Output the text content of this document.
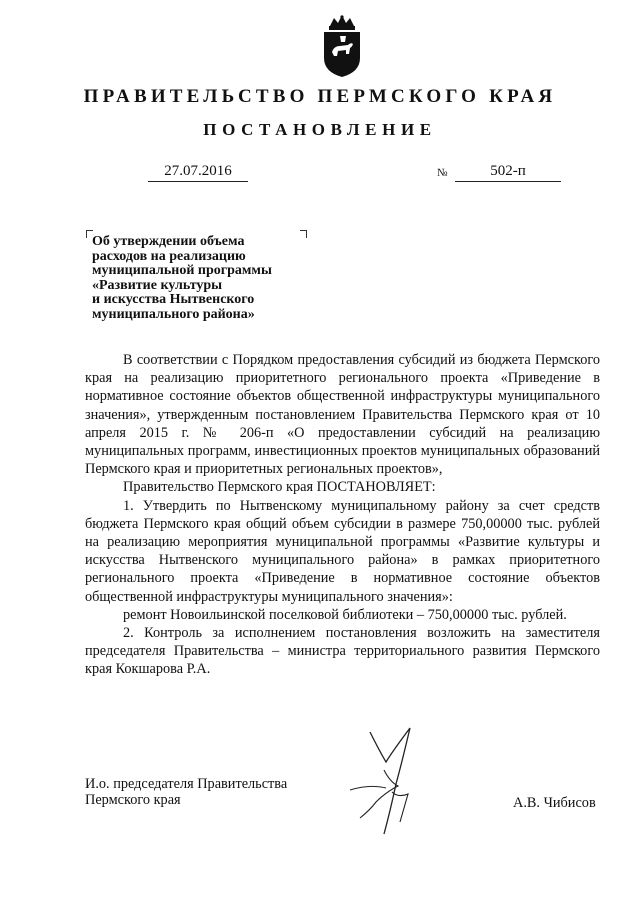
ПРАВИТЕЛЬСТВО ПЕРМСКОГО КРАЯ
ПОСТАНОВЛЕНИЕ
27.07.2016	№	502-п
Об утверждении объема
расходов на реализацию
муниципальной программы
«Развитие культуры
и искусства Нытвенского
муниципального района»

В соответствии с Порядком предоставления субсидий из бюджета Пермского края на реализацию приоритетного регионального проекта «Приведение в нормативное состояние объектов общественной инфраструктуры муниципального значения», утвержденным постановлением Правительства Пермского края от 10 апреля 2015 г. № 206-п «О предоставлении субсидий на реализацию муниципальных программ, инвестиционных проектов муниципальных образований Пермского края и приоритетных региональных проектов»,

Правительство Пермского края ПОСТАНОВЛЯЕТ:

1. Утвердить по Нытвенскому муниципальному району за счет средств бюджета Пермского края общий объем субсидии в размере 750,00000 тыс. рублей на реализацию мероприятия муниципальной программы «Развитие культуры и искусства Нытвенского муниципального района» в рамках приоритетного регионального проекта «Приведение в нормативное состояние объектов общественной инфраструктуры муниципального значения»:

ремонт Новоильинской поселковой библиотеки – 750,00000 тыс. рублей.

2. Контроль за исполнением постановления возложить на заместителя председателя Правительства – министра территориального развития Пермского края Кокшарова Р.А.

И.о. председателя Правительства
Пермского края	А.В. Чибисов
